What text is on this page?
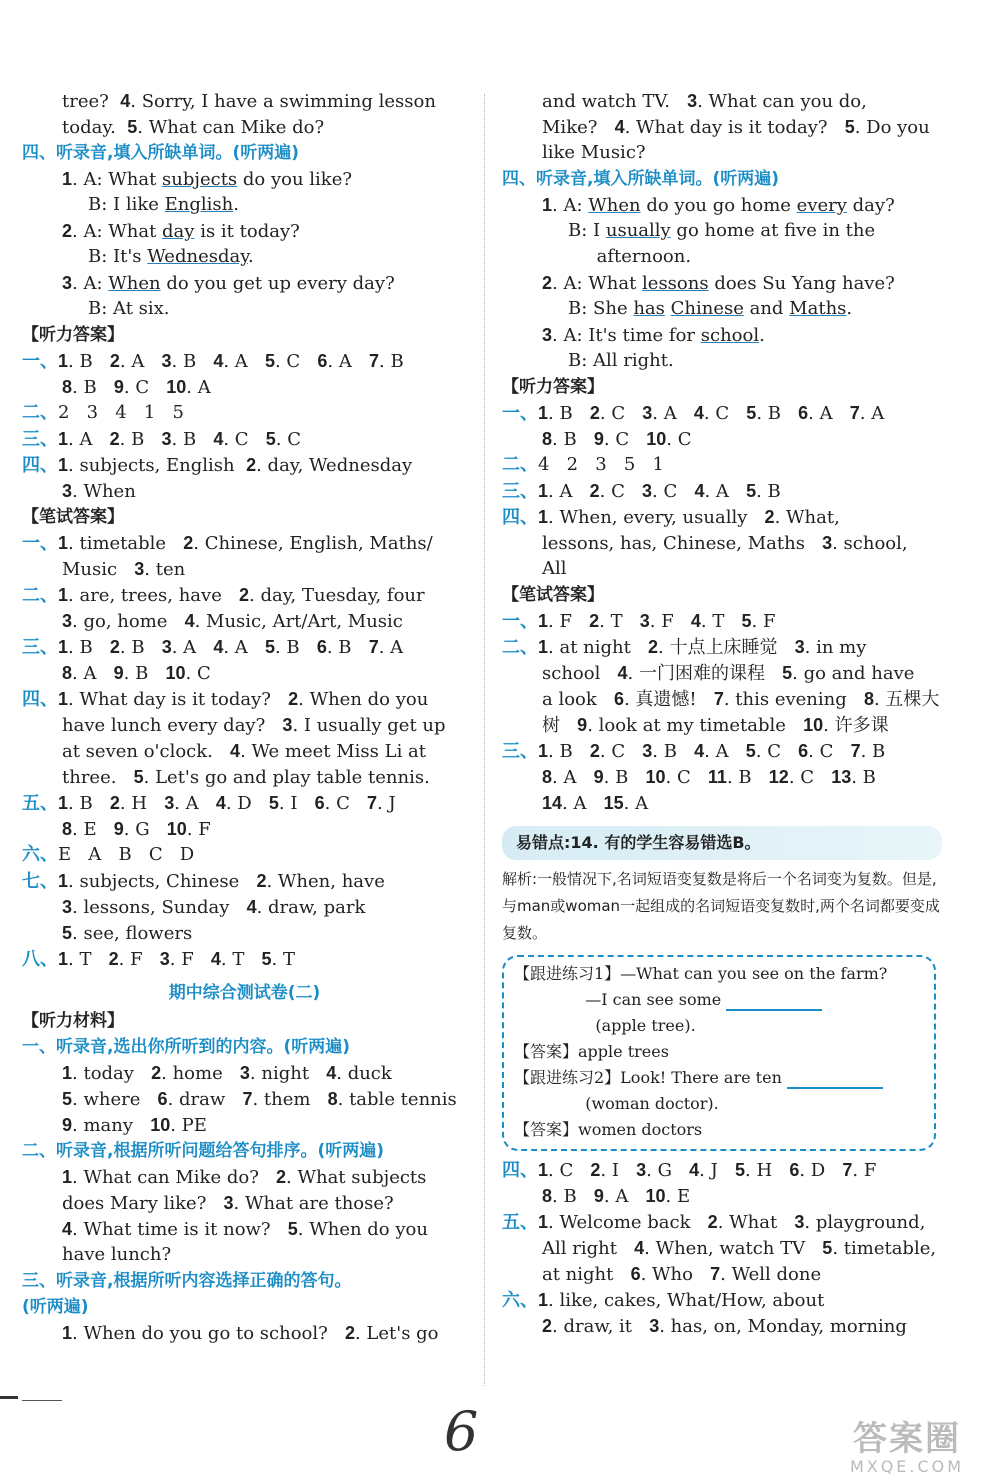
tree?  4. Sorry, I have a swimming lesson
today.  5. What can Mike do?
四、听录音,填入所缺单词。(听两遍)
1. A: What subjects do you like?
B: I like English.
2. A: What day is it today?
B: It's Wednesday.
3. A: When do you get up every day?
B: At six.
【听力答案】
一、1. B   2. A   3. B   4. A   5. C   6. A   7. B
8. B   9. C   10. A
二、2   3   4   1   5
三、1. A   2. B   3. B   4. C   5. C
四、1. subjects, English  2. day, Wednesday
3. When
【笔试答案】
一、1. timetable   2. Chinese, English, Maths/
Music   3. ten
二、1. are, trees, have   2. day, Tuesday, four
3. go, home   4. Music, Art/Art, Music
三、1. B   2. B   3. A   4. A   5. B   6. B   7. A
8. A   9. B   10. C
四、1. What day is it today?   2. When do you
have lunch every day?   3. I usually get up
at seven o'clock.   4. We meet Miss Li at
three.   5. Let's go and play table tennis.
五、1. B   2. H   3. A   4. D   5. I   6. C   7. J
8. E   9. G   10. F
六、E   A   B   C   D
七、1. subjects, Chinese   2. When, have
3. lessons, Sunday   4. draw, park
5. see, flowers
八、1. T   2. F   3. F   4. T   5. T
期中综合测试卷(二)
【听力材料】
一、听录音,选出你所听到的内容。(听两遍)
1. today   2. home   3. night   4. duck
5. where   6. draw   7. them   8. table tennis
9. many   10. PE
二、听录音,根据所听问题给答句排序。(听两遍)
1. What can Mike do?   2. What subjects
does Mary like?   3. What are those?
4. What time is it now?   5. When do you
have lunch?
三、听录音,根据所听内容选择正确的答句。
(听两遍)
1. When do you go to school?   2. Let's go
and watch TV.   3. What can you do,
Mike?   4. What day is it today?   5. Do you
like Music?
四、听录音,填入所缺单词。(听两遍)
1. A: When do you go home every day?
B: I usually go home at five in the
afternoon.
2. A: What lessons does Su Yang have?
B: She has Chinese and Maths.
3. A: It's time for school.
B: All right.
【听力答案】
一、1. B   2. C   3. A   4. C   5. B   6. A   7. A
8. B   9. C   10. C
二、4   2   3   5   1
三、1. A   2. C   3. C   4. A   5. B
四、1. When, every, usually   2. What,
lessons, has, Chinese, Maths   3. school,
All
【笔试答案】
一、1. F   2. T   3. F   4. T   5. F
二、1. at night   2. 十点上床睡觉   3. in my
school   4. 一门困难的课程   5. go and have
a look   6. 真遗憾!   7. this evening   8. 五棵大
树   9. look at my timetable   10. 许多课
三、1. B   2. C   3. B   4. A   5. C   6. C   7. B
8. A   9. B   10. C   11. B   12. C   13. B
14. A   15. A
易错点:14. 有的学生容易错选B。
解析:一般情况下,名词短语变复数是将后一个名词变为复数。但是,与man或woman一起组成的名词短语变复数时,两个名词都要变成复数。
【跟进练习1】—What can you see on the farm?
—I can see some
(apple tree).
【答案】apple trees
【跟进练习2】Look! There are ten
(woman doctor).
【答案】women doctors
四、1. C   2. I   3. G   4. J   5. H   6. D   7. F
8. B   9. A   10. E
五、1. Welcome back   2. What   3. playground,
All right   4. When, watch TV   5. timetable,
at night   6. Who   7. Well done
六、1. like, cakes, What/How, about
2. draw, it   3. has, on, Monday, morning
6	答案圈
MXQE.COM
